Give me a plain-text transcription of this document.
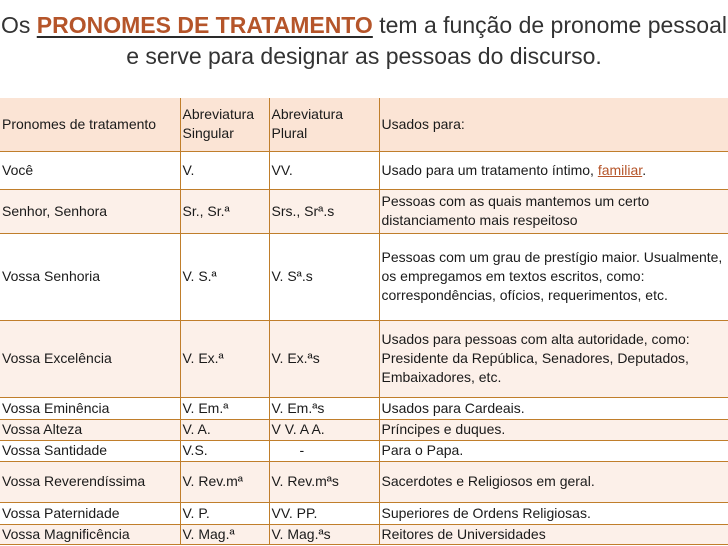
Os PRONOMES DE TRATAMENTO tem a função de pronome pessoal e serve para designar as pessoas do discurso.
Pronomes de tratamento	Abreviatura Singular	Abreviatura Plural	Usados para:
Você	V.	VV.	Usado para um tratamento íntimo, familiar.
Senhor, Senhora	Sr., Sr.ª	Srs., Srª.s	Pessoas com as quais mantemos um certo distanciamento mais respeitoso
Vossa Senhoria	V. S.ª	V. Sª.s	Pessoas com um grau de prestígio maior. Usualmente, os empregamos em textos escritos, como: correspondências, ofícios, requerimentos, etc.
Vossa Excelência	V. Ex.ª	V. Ex.ªs	Usados para pessoas com alta autoridade, como: Presidente da República, Senadores, Deputados, Embaixadores, etc.
Vossa Eminência	V. Em.ª	V. Em.ªs	Usados para Cardeais.
Vossa Alteza	V. A.	V V. A A.	Príncipes e duques.
Vossa Santidade	V.S.	-	Para o Papa.
Vossa Reverendíssima	V. Rev.mª	V. Rev.mªs	Sacerdotes e Religiosos em geral.
Vossa Paternidade	V. P.	VV. PP.	Superiores de Ordens Religiosas.
Vossa Magnificência	V. Mag.ª	V. Mag.ªs	Reitores de Universidades
